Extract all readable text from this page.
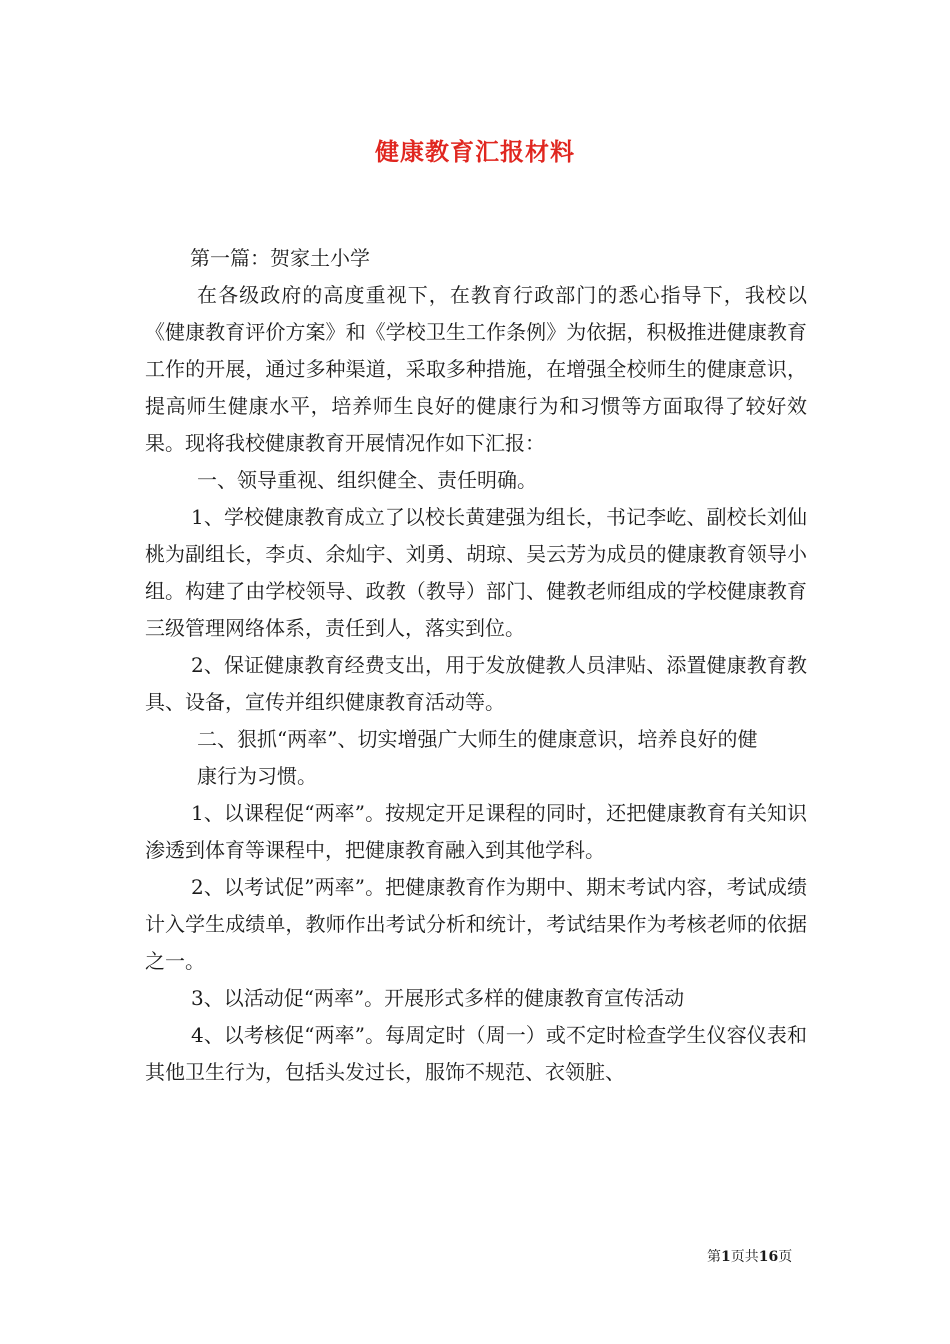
健康教育汇报材料

第一篇：贺家土小学

在各级政府的高度重视下，在教育行政部门的悉心指导下，我校以《健康教育评价方案》和《学校卫生工作条例》为依据，积极推进健康教育工作的开展，通过多种渠道，采取多种措施，在增强全校师生的健康意识，提高师生健康水平，培养师生良好的健康行为和习惯等方面取得了较好效果。现将我校健康教育开展情况作如下汇报：

一、领导重视、组织健全、责任明确。

1、学校健康教育成立了以校长黄建强为组长，书记李屹、副校长刘仙桃为副组长，李贞、余灿宇、刘勇、胡琼、吴云芳为成员的健康教育领导小组。构建了由学校领导、政教（教导）部门、健教老师组成的学校健康教育三级管理网络体系，责任到人，落实到位。

2、保证健康教育经费支出，用于发放健教人员津贴、添置健康教育教具、设备，宣传并组织健康教育活动等。

二、狠抓“两率”、切实增强广大师生的健康意识，培养良好的健

康行为习惯。

1、以课程促“两率”。按规定开足课程的同时，还把健康教育有关知识渗透到体育等课程中，把健康教育融入到其他学科。

2、以考试促”两率”。把健康教育作为期中、期末考试内容，考试成绩计入学生成绩单，教师作出考试分析和统计，考试结果作为考核老师的依据之一。

3、以活动促“两率”。开展形式多样的健康教育宣传活动

4、以考核促“两率”。每周定时（周一）或不定时检查学生仪容仪表和其他卫生行为，包括头发过长，服饰不规范、衣领脏、

第1页共16页
